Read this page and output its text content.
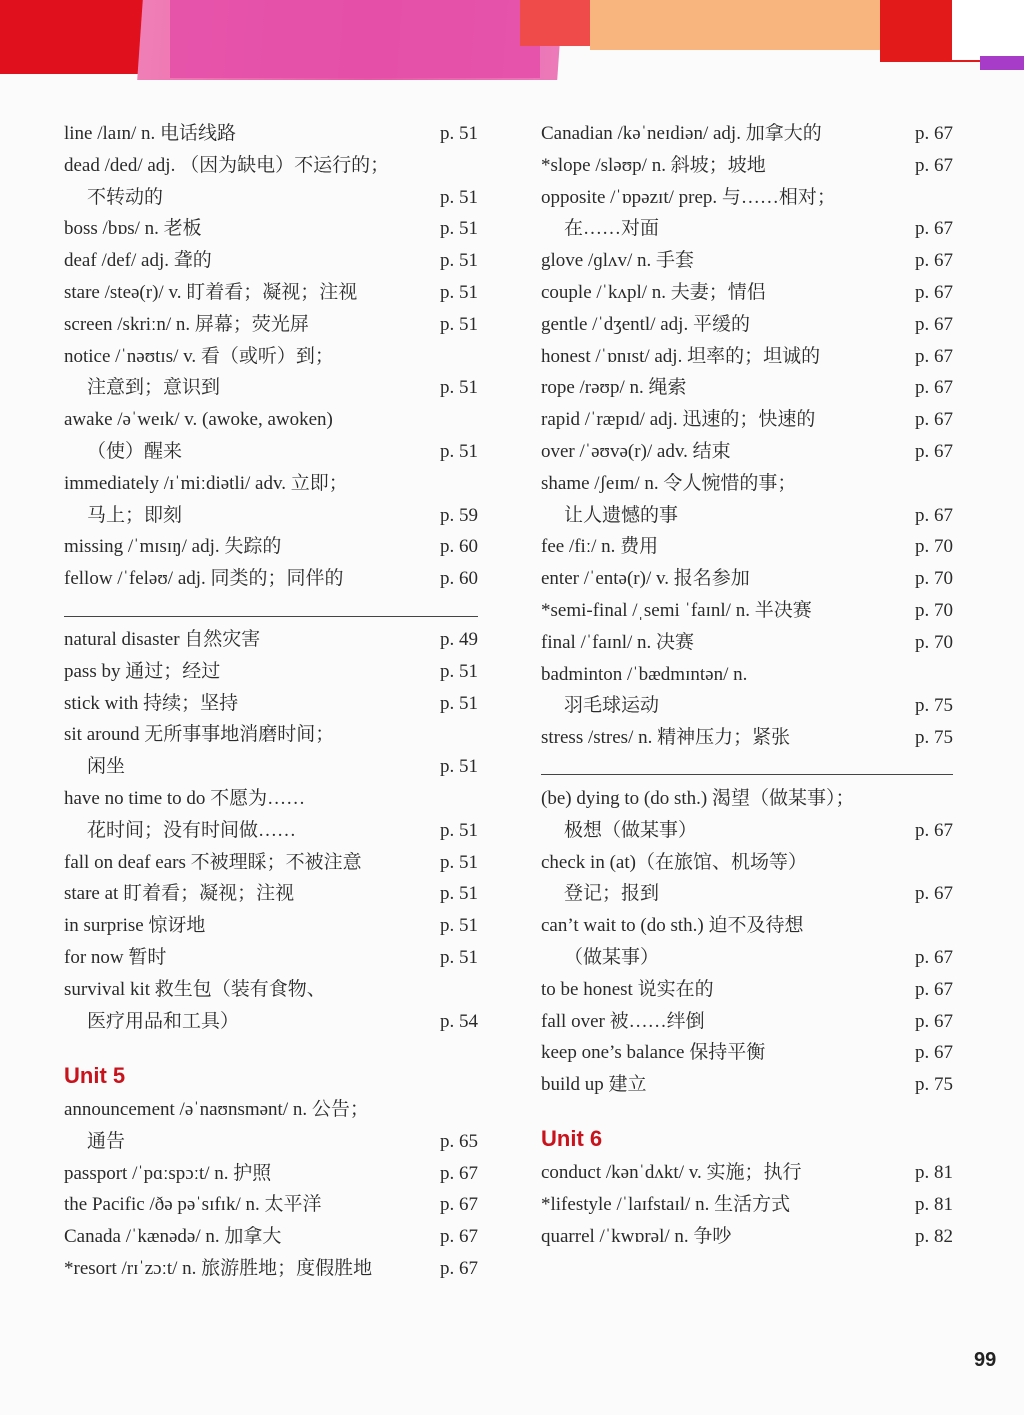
line /laɪn/ n. 电话线路	p. 51
dead /ded/ adj. （因为缺电）不运行的；
不转动的	p. 51
boss /bɒs/ n. 老板	p. 51
deaf /def/ adj. 聋的	p. 51
stare /steə(r)/ v. 盯着看；凝视；注视	p. 51
screen /skriːn/ n. 屏幕；荧光屏	p. 51
notice /ˈnəʊtɪs/ v. 看（或听）到；
注意到；意识到	p. 51
awake /əˈweɪk/ v. (awoke, awoken)
（使）醒来	p. 51
immediately /ɪˈmiːdiətli/ adv. 立即；
马上；即刻	p. 59
missing /ˈmɪsɪŋ/ adj. 失踪的	p. 60
fellow /ˈfeləʊ/ adj. 同类的；同伴的	p. 60
natural disaster 自然灾害	p. 49
pass by 通过；经过	p. 51
stick with 持续；坚持	p. 51
sit around 无所事事地消磨时间；
闲坐	p. 51
have no time to do 不愿为……
花时间；没有时间做……	p. 51
fall on deaf ears 不被理睬；不被注意	p. 51
stare at 盯着看；凝视；注视	p. 51
in surprise 惊讶地	p. 51
for now 暂时	p. 51
survival kit 救生包（装有食物、
医疗用品和工具）	p. 54
Unit 5
announcement /əˈnaʊnsmənt/ n. 公告；
通告	p. 65
passport /ˈpɑːspɔːt/ n. 护照	p. 67
the Pacific /ðə pəˈsɪfɪk/ n. 太平洋	p. 67
Canada /ˈkænədə/ n. 加拿大	p. 67
*resort /rɪˈzɔːt/ n. 旅游胜地；度假胜地	p. 67
Canadian /kəˈneɪdiən/ adj. 加拿大的	p. 67
*slope /sləʊp/ n. 斜坡；坡地	p. 67
opposite /ˈɒpəzɪt/ prep. 与……相对；
在……对面	p. 67
glove /ɡlʌv/ n. 手套	p. 67
couple /ˈkʌpl/ n. 夫妻；情侣	p. 67
gentle /ˈdʒentl/ adj. 平缓的	p. 67
honest /ˈɒnɪst/ adj. 坦率的；坦诚的	p. 67
rope /rəʊp/ n. 绳索	p. 67
rapid /ˈræpɪd/ adj. 迅速的；快速的	p. 67
over /ˈəʊvə(r)/ adv. 结束	p. 67
shame /ʃeɪm/ n. 令人惋惜的事；
让人遗憾的事	p. 67
fee /fiː/ n. 费用	p. 70
enter /ˈentə(r)/ v. 报名参加	p. 70
*semi-final /ˌsemi ˈfaɪnl/ n. 半决赛	p. 70
final /ˈfaɪnl/ n. 决赛	p. 70
badminton /ˈbædmɪntən/ n.
羽毛球运动	p. 75
stress /stres/ n. 精神压力；紧张	p. 75
(be) dying to (do sth.) 渴望（做某事）；
极想（做某事）	p. 67
check in (at)（在旅馆、机场等）
登记；报到	p. 67
can’t wait to (do sth.) 迫不及待想
（做某事）	p. 67
to be honest 说实在的	p. 67
fall over 被……绊倒	p. 67
keep one’s balance 保持平衡	p. 67
build up 建立	p. 75
Unit 6
conduct /kənˈdʌkt/ v. 实施；执行	p. 81
*lifestyle /ˈlaɪfstaɪl/ n. 生活方式	p. 81
quarrel /ˈkwɒrəl/ n. 争吵	p. 82
99
